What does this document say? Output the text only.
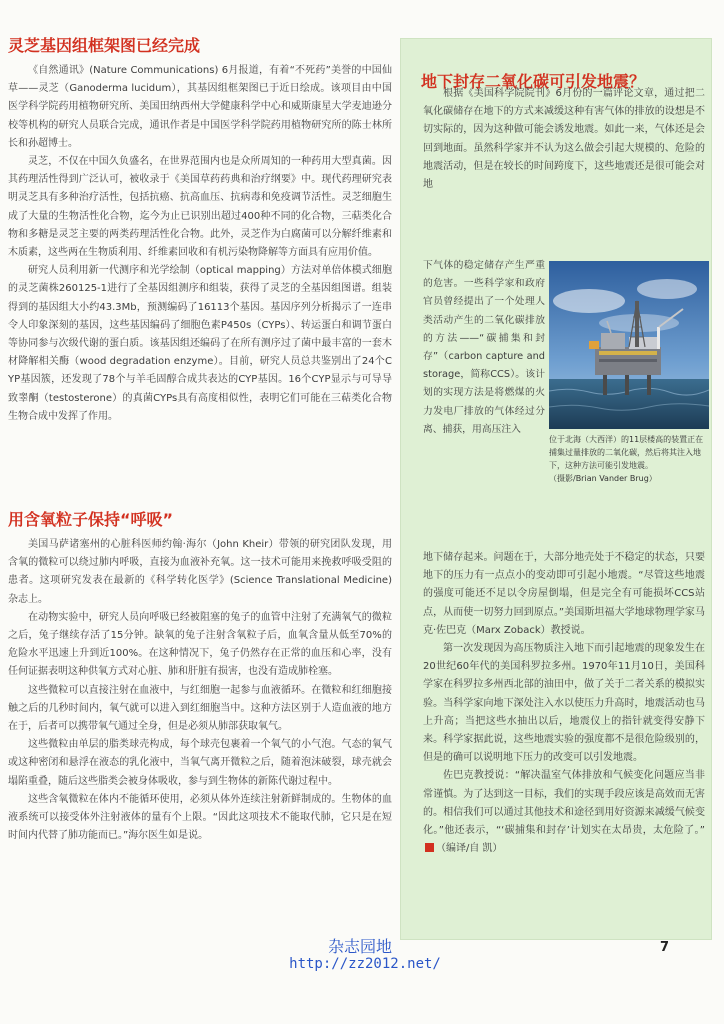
灵芝基因组框架图已经完成

《自然通讯》(Nature Communications) 6月报道，有着“不死药”美誉的中国仙草——灵芝（Ganoderma lucidum），其基因组框架图已于近日绘成。该项目由中国医学科学院药用植物研究所、美国田纳西州大学健康科学中心和威斯康星大学麦迪逊分校等机构的研究人员联合完成，通讯作者是中国医学科学院药用植物研究所的陈士林所长和孙超博士。

灵芝，不仅在中国久负盛名，在世界范围内也是众所周知的一种药用大型真菌。因其药理活性得到广泛认可，被收录于《美国草药药典和治疗纲要》中。现代药理研究表明灵芝具有多种治疗活性，包括抗癌、抗高血压、抗病毒和免疫调节活性。灵芝细胞生成了大量的生物活性化合物，迄今为止已识别出超过400种不同的化合物，三萜类化合物和多糖是灵芝主要的两类药理活性化合物。此外，灵芝作为白腐菌可以分解纤维素和木质素，这些两在生物质利用、纤维素回收和有机污染物降解等方面具有应用价值。

研究人员利用新一代测序和光学绘制（optical mapping）方法对单倍体模式细胞的灵芝菌株260125-1进行了全基因组测序和组装，获得了灵芝的全基因组图谱。组装得到的基因组大小约43.3Mb，预测编码了16113个基因。基因序列分析揭示了一连串令人印象深刻的基因，这些基因编码了细胞色素P450s（CYPs）、转运蛋白和调节蛋白等协同参与次级代谢的蛋白质。该基因组还编码了在所有测序过了菌中最丰富的一套木材降解相关酶（wood degradation enzyme）。目前，研究人员总共鉴别出了24个CYP基因簇，还发现了78个与羊毛固醇合成共表达的CYP基因。16个CYP显示与可导导致睾酮（testosterone）的真菌CYPs具有高度相似性，表明它们可能在三萜类化合物生物合成中发挥了作用。

用含氧粒子保持“呼吸”

美国马萨诸塞州的心脏科医师约翰·海尔（John Kheir）带领的研究团队发现，用含氧的微粒可以绕过肺内呼吸，直接为血液补充氧。这一技术可能用来挽救呼吸受阻的患者。这项研究发表在最新的《科学转化医学》(Science Translational Medicine) 杂志上。

在动物实验中，研究人员向呼吸已经被阻塞的兔子的血管中注射了充满氧气的微粒之后，兔子继续存活了15分钟。缺氧的兔子注射含氧粒子后，血氧含量从低至70%的危险水平迅速上升到近100%。在这种情况下，兔子仍然存在正常的血压和心率，没有任何证据表明这种供氧方式对心脏、肺和肝脏有损害，也没有造成肺栓塞。

这些微粒可以直接注射在血液中，与红细胞一起参与血液循环。在微粒和红细胞接触之后的几秒时间内，氧气就可以进入到红细胞当中。这种方法区别于人造血液的地方在于，后者可以携带氧气通过全身，但是必须从肺部获取氧气。

这些微粒由单层的脂类球壳构成，每个球壳包裹着一个氧气的小气泡。气态的氧气或这种密闭和悬浮在液态的乳化液中，当氧气离开微粒之后，随着泡沫破裂，球壳就会塌陷重叠，随后这些脂类会被身体吸收，参与到生物体的新陈代谢过程中。

这些含氧微粒在体内不能循环使用，必须从体外连续注射新鲜制成的。生物体的血液系统可以接受体外注射液体的量有个上限。“因此这项技术不能取代肺，它只是在短时间内代替了肺功能而已。”海尔医生如是说。

地下封存二氧化碳可引发地震？

根据《美国科学院院刊》6月份的一篇评论文章，通过把二氧化碳储存在地下的方式来减缓这种有害气体的排放的设想是不切实际的，因为这种做可能会诱发地震。如此一来，气体还是会回到地面。虽然科学家并不认为这么做会引起大规模的、危险的地震活动，但是在较长的时间跨度下，这些地震还是很可能会对地

下气体的稳定储存产生严重的危害。一些科学家和政府官员曾经提出了一个处理人类活动产生的二氧化碳排放的方法——“碳捕集和封存”（carbon capture and storage，简称CCS）。该计划的实现方法是将燃煤的火力发电厂排放的气体经过分离、捕获，用高压注入

位于北海（大西洋）的11层楼高的装置正在捕集过量排放的二氧化碳，然后将其注入地下，这种方法可能引发地震。
（摄影/Brian Vander Brug）

地下储存起来。问题在于，大部分地壳处于不稳定的状态，只要地下的压力有一点点小的变动即可引起小地震。“尽管这些地震的强度可能还不足以令房屋倒塌，但是完全有可能损坏CCS站点，从而使一切努力回到原点。”美国斯坦福大学地球物理学家马克·佐巴克（Marx Zoback）教授说。

第一次发现因为高压物质注入地下而引起地震的现象发生在20世纪60年代的美国科罗拉多州。1970年11月10日，美国科学家在科罗拉多州西北部的油田中，做了关于二者关系的模拟实验。当科学家向地下深处注入水以使压力升高时，地震活动也马上升高；当把这些水抽出以后，地震仪上的指针就变得安静下来。科学家据此说，这些地震实验的强度都不是很危险级别的，但是的确可以说明地下压力的改变可以引发地震。

佐巴克教授说：“解决温室气体排放和气候变化问题应当非常谨慎。为了达到这一目标，我们的实现手段应该是高效而无害的。相信我们可以通过其他技术和途径到用好资源来减缓气候变化。”他还表示，“‘碳捕集和封存’计划实在太昂贵，太危险了。”（编译/自 凯）

杂志园地
http://zz2012.net/
7
